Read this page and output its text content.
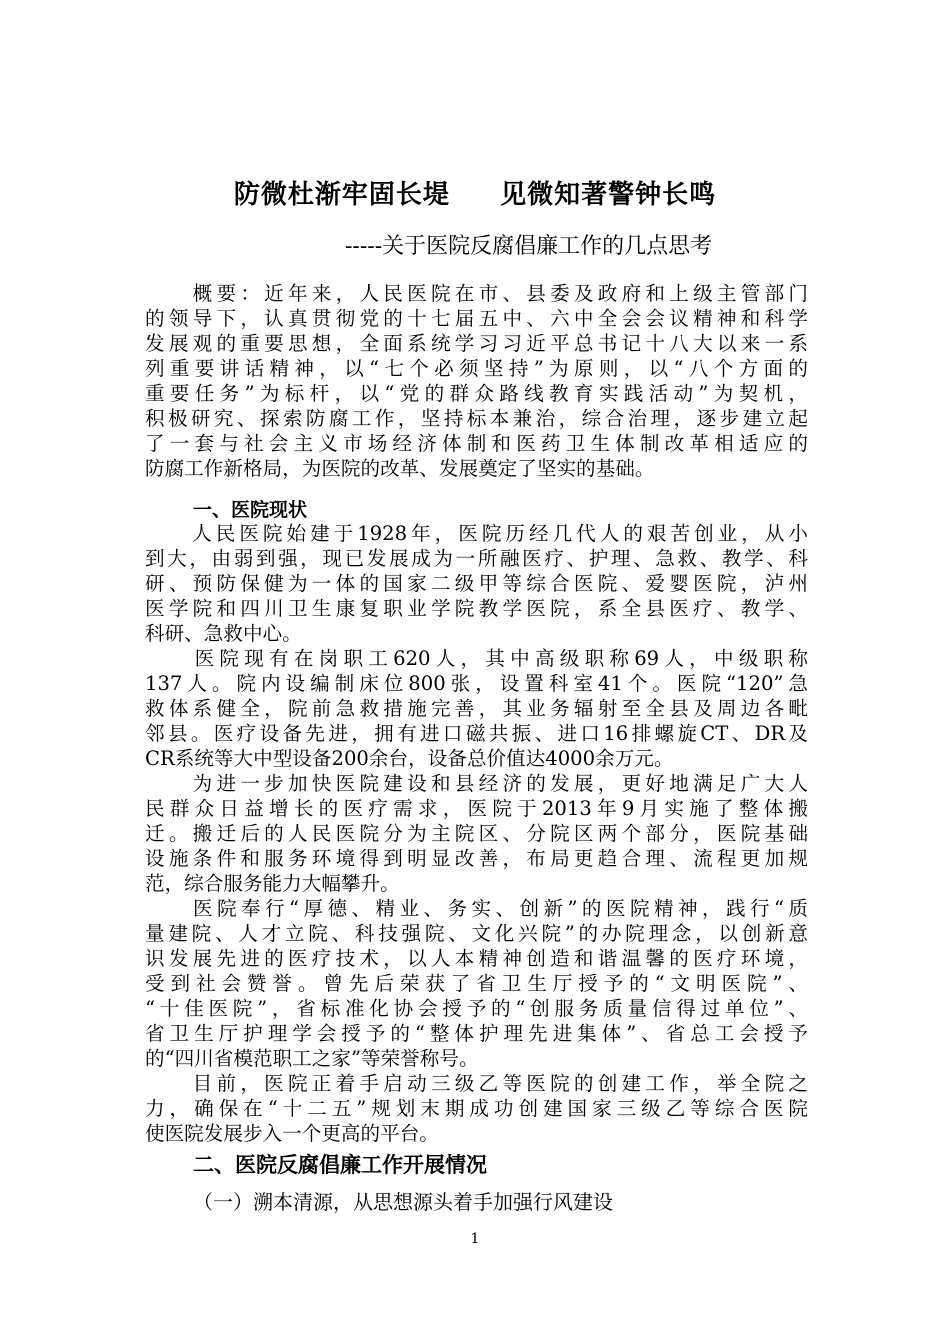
防微杜渐牢固长堤     见微知著警钟长鸣
-----关于医院反腐倡廉工作的几点思考
　　概要：近年来，人民医院在市、县委及政府和上级主管部门
的领导下，认真贯彻党的十七届五中、六中全会会议精神和科学
发展观的重要思想，全面系统学习习近平总书记十八大以来一系
列重要讲话精神，以“七个必须坚持”为原则，以“八个方面的
重要任务”为标杆，以“党的群众路线教育实践活动”为契机，
积极研究、探索防腐工作，坚持标本兼治，综合治理，逐步建立起
了一套与社会主义市场经济体制和医药卫生体制改革相适应的
防腐工作新格局，为医院的改革、发展奠定了坚实的基础。
一、医院现状
　　人民医院始建于1928年，医院历经几代人的艰苦创业，从小
到大，由弱到强，现已发展成为一所融医疗、护理、急救、教学、科
研、预防保健为一体的国家二级甲等综合医院、爱婴医院，泸州
医学院和四川卫生康复职业学院教学医院，系全县医疗、教学、
科研、急救中心。
　　医院现有在岗职工620人，其中高级职称69人，中级职称
137人。院内设编制床位800张，设置科室41个。医院“120”急
救体系健全，院前急救措施完善，其业务辐射至全县及周边各毗
邻县。医疗设备先进，拥有进口磁共振、进口16排螺旋CT、DR及
CR系统等大中型设备200余台，设备总价值达4000余万元。
　　为进一步加快医院建设和县经济的发展，更好地满足广大人
民群众日益增长的医疗需求，医院于2013年9月实施了整体搬
迁。搬迁后的人民医院分为主院区、分院区两个部分，医院基础
设施条件和服务环境得到明显改善，布局更趋合理、流程更加规
范，综合服务能力大幅攀升。
　　医院奉行“厚德、精业、务实、创新”的医院精神，践行“质
量建院、人才立院、科技强院、文化兴院”的办院理念，以创新意
识发展先进的医疗技术，以人本精神创造和谐温馨的医疗环境，
受到社会赞誉。曾先后荣获了省卫生厅授予的“文明医院”、
“十佳医院”，省标准化协会授予的“创服务质量信得过单位”、
省卫生厅护理学会授予的“整体护理先进集体”、省总工会授予
的“四川省模范职工之家”等荣誉称号。
　　目前，医院正着手启动三级乙等医院的创建工作，举全院之
力，确保在“十二五”规划末期成功创建国家三级乙等综合医院
使医院发展步入一个更高的平台。
二、医院反腐倡廉工作开展情况
（一）溯本清源，从思想源头着手加强行风建设
1
